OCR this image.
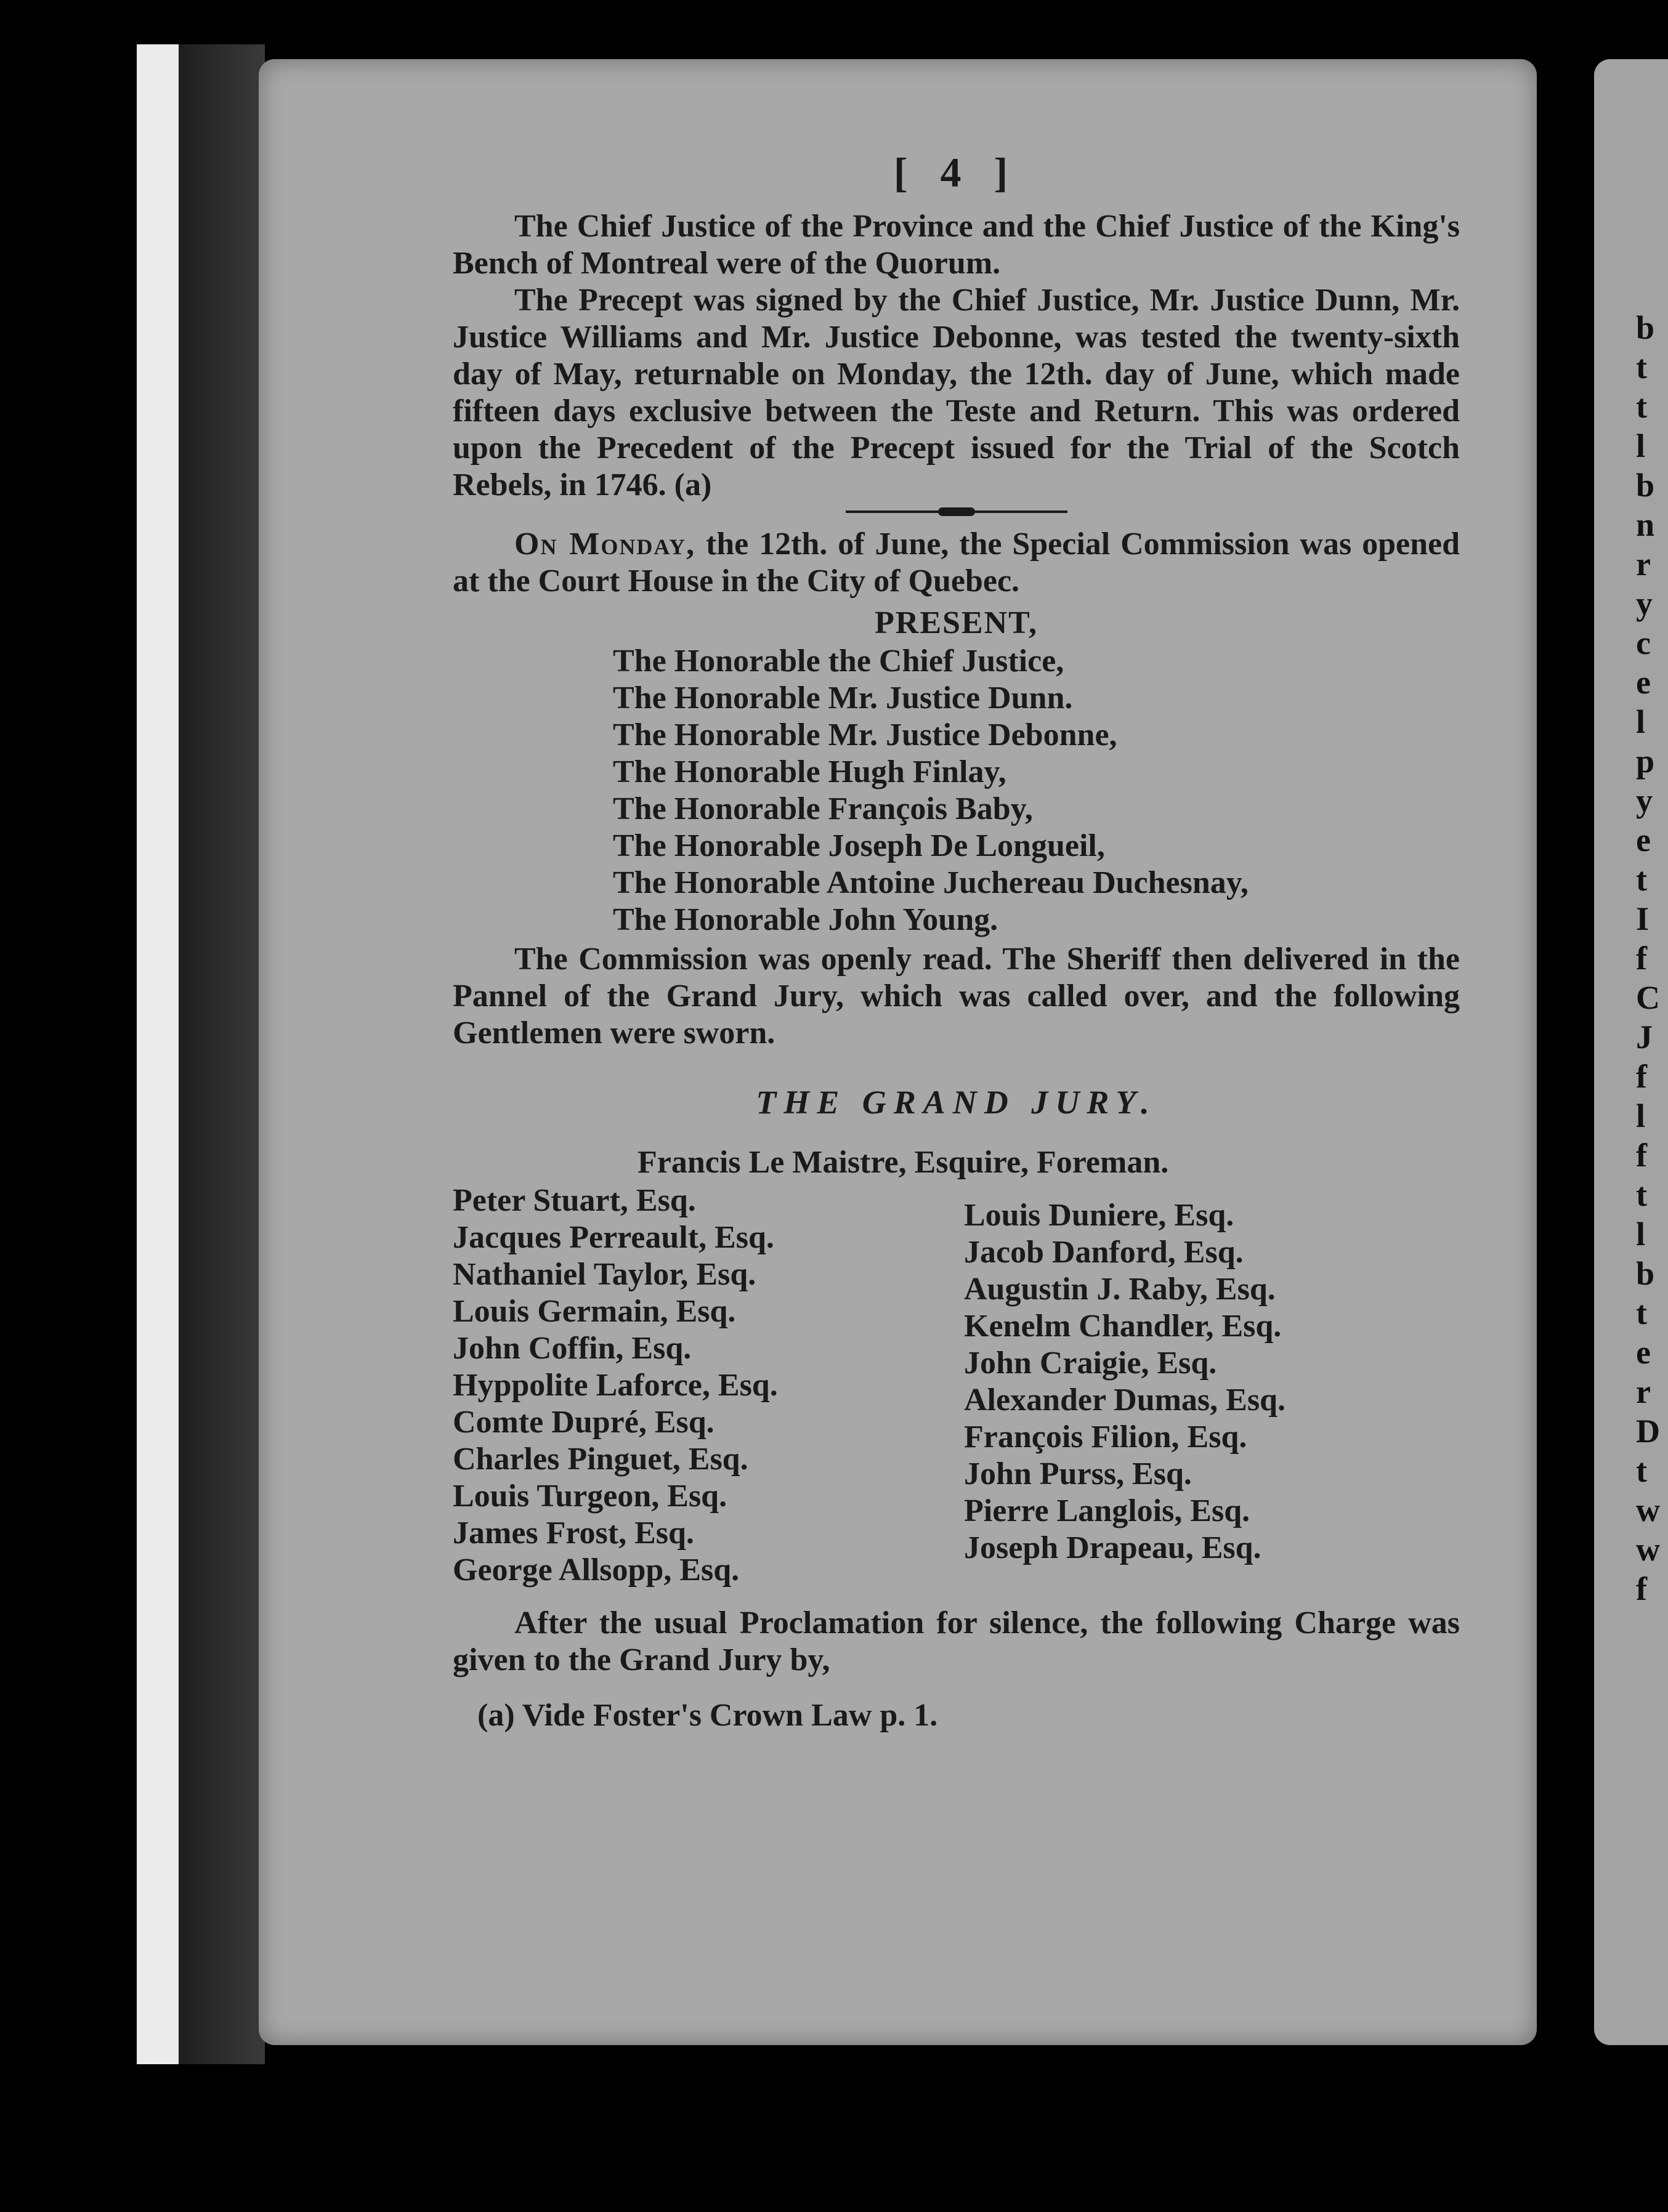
b
t
t
l
b
n
r
y
c
e
l
p
y
e
t
I
f
C
J
f
l
f
t
l
b
t
e
r
D
t
w
w
f
[ 4 ]

The Chief Justice of the Province and the Chief Justice of the King's Bench of Montreal were of the Quorum.

The Precept was signed by the Chief Justice, Mr. Justice Dunn, Mr. Justice Williams and Mr. Justice Debonne, was tested the twenty-sixth day of May, returnable on Monday, the 12th. day of June, which made fifteen days exclusive between the Teste and Return. This was ordered upon the Precedent of the Precept issued for the Trial of the Scotch Rebels, in 1746. (a)

On Monday, the 12th. of June, the Special Commission was opened at the Court House in the City of Quebec.

PRESENT,
The Honorable the Chief Justice,
The Honorable Mr. Justice Dunn.
The Honorable Mr. Justice Debonne,
The Honorable Hugh Finlay,
The Honorable François Baby,
The Honorable Joseph De Longueil,
The Honorable Antoine Juchereau Duchesnay,
The Honorable John Young.

The Commission was openly read. The Sheriff then delivered in the Pannel of the Grand Jury, which was called over, and the following Gentlemen were sworn.

THE GRAND JURY.
Francis Le Maistre, Esquire, Foreman.
Peter Stuart, Esq.
Jacques Perreault, Esq.
Nathaniel Taylor, Esq.
Louis Germain, Esq.
John Coffin, Esq.
Hyppolite Laforce, Esq.
Comte Dupré, Esq.
Charles Pinguet, Esq.
Louis Turgeon, Esq.
James Frost, Esq.
George Allsopp, Esq.
Louis Duniere, Esq.
Jacob Danford, Esq.
Augustin J. Raby, Esq.
Kenelm Chandler, Esq.
John Craigie, Esq.
Alexander Dumas, Esq.
François Filion, Esq.
John Purss, Esq.
Pierre Langlois, Esq.
Joseph Drapeau, Esq.

After the usual Proclamation for silence, the following Charge was given to the Grand Jury by,

(a) Vide Foster's Crown Law p. 1.
